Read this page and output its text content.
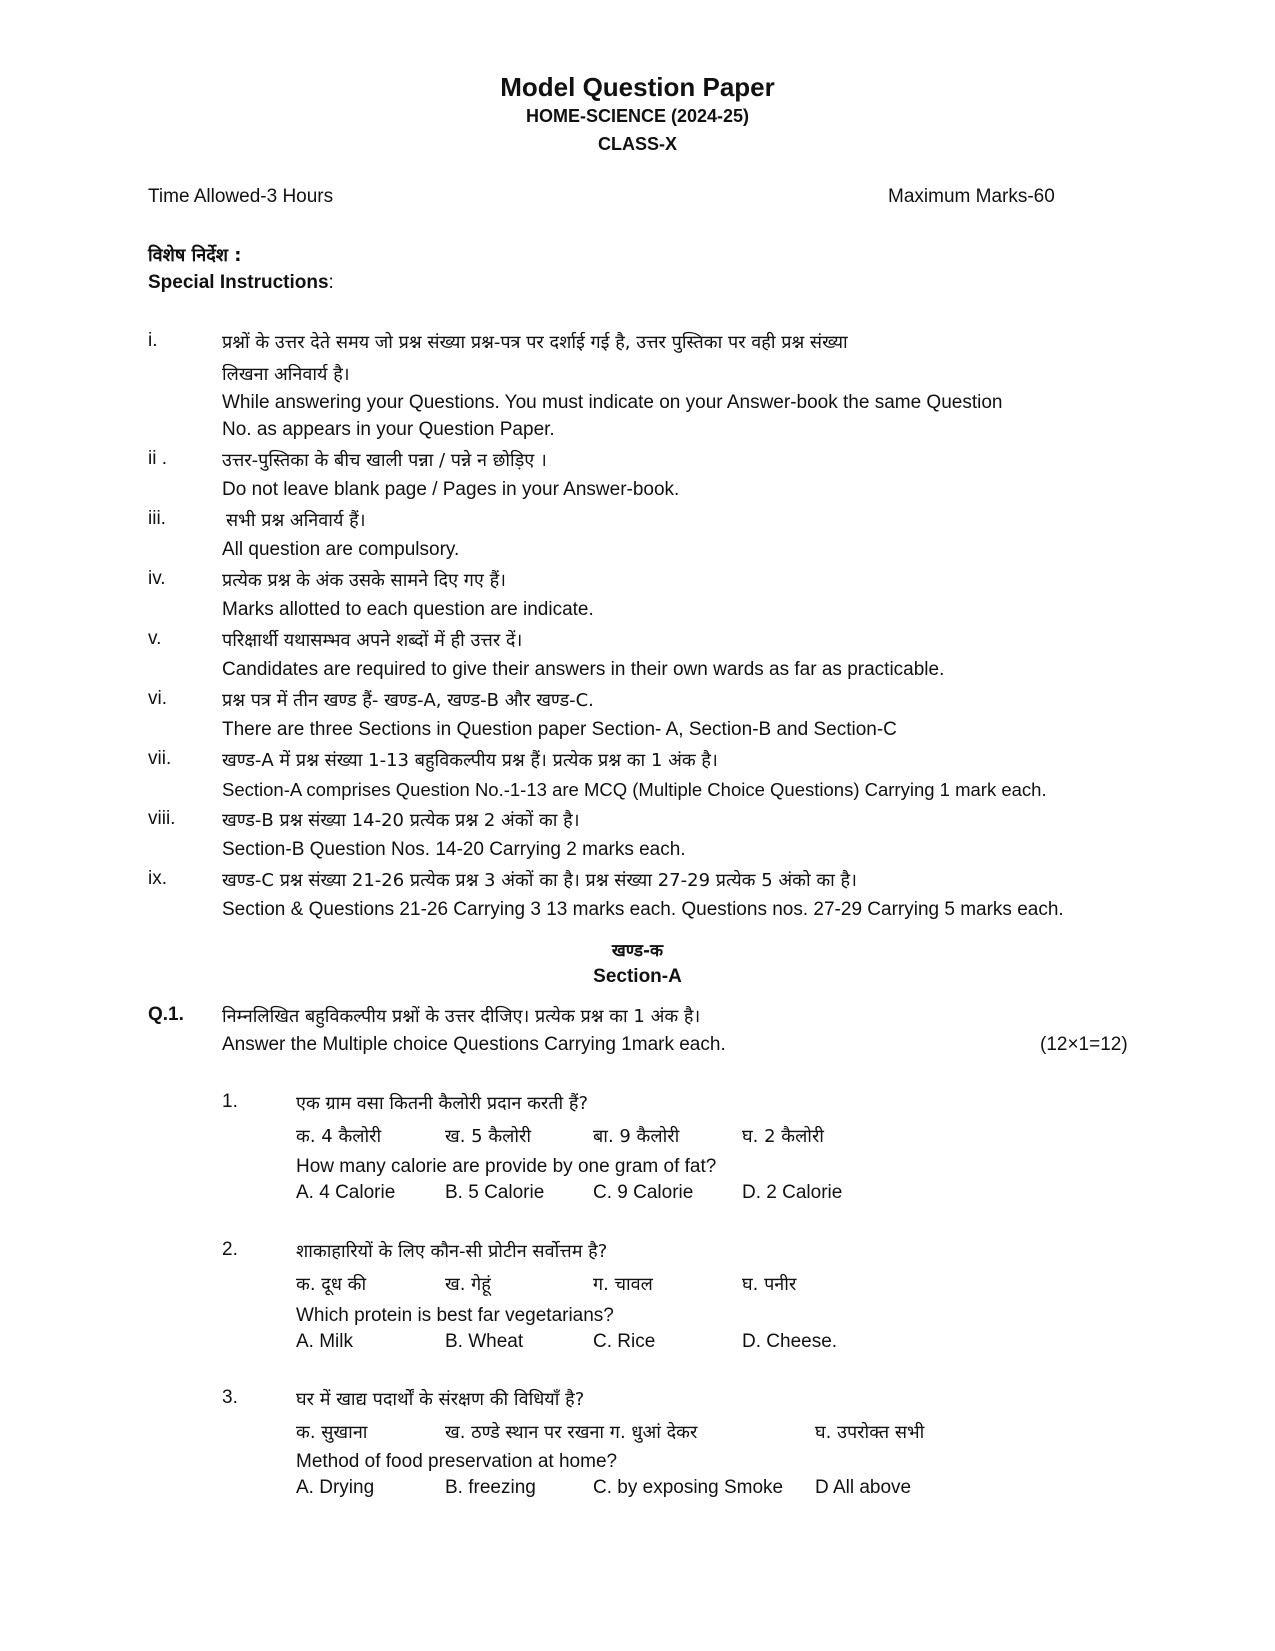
Model Question Paper
HOME-SCIENCE (2024-25)
CLASS-X
Time Allowed-3 Hours	Maximum Marks-60
विशेष निर्देश :
Special Instructions:
i.	प्रश्नों के उत्तर देते समय जो प्रश्न संख्या प्रश्न-पत्र पर दर्शाई गई है, उत्तर पुस्तिका पर वही प्रश्न संख्या
लिखना अनिवार्य है।
While answering your Questions. You must indicate on your Answer-book the same Question
No. as appears in your Question Paper.
ii .	उत्तर-पुस्तिका के बीच खाली पन्ना / पन्ने न छोड़िए ।
Do not leave blank page / Pages in your Answer-book.
iii.	सभी प्रश्न अनिवार्य हैं।
All question are compulsory.
iv.	प्रत्येक प्रश्न के अंक उसके सामने दिए गए हैं।
Marks allotted to each question are indicate.
v.	परिक्षार्थी यथासम्भव अपने शब्दों में ही उत्तर दें।
Candidates are required to give their answers in their own wards as far as practicable.
vi.	प्रश्न पत्र में तीन खण्ड हैं- खण्ड-A, खण्ड-B और खण्ड-C.
There are three Sections in Question paper Section- A, Section-B and Section-C
vii.	खण्ड-A में प्रश्न संख्या 1-13 बहुविकल्पीय प्रश्न हैं। प्रत्येक प्रश्न का 1 अंक है।
Section-A comprises Question No.-1-13 are MCQ (Multiple Choice Questions) Carrying 1 mark each.
viii.	खण्ड-B प्रश्न संख्या 14-20 प्रत्येक प्रश्न 2 अंकों का है।
Section-B Question Nos. 14-20 Carrying 2 marks each.
ix.	खण्ड-C प्रश्न संख्या 21-26 प्रत्येक प्रश्न 3 अंकों का है। प्रश्न संख्या 27-29 प्रत्येक 5 अंको का है।
Section & Questions 21-26 Carrying 3 13 marks each. Questions nos. 27-29 Carrying 5 marks each.
खण्ड-क
Section-A
Q.1. निम्नलिखित बहुविकल्पीय प्रश्नों के उत्तर दीजिए। प्रत्येक प्रश्न का 1 अंक है।
Answer the Multiple choice Questions Carrying 1mark each.	(12×1=12)
1.	एक ग्राम वसा कितनी कैलोरी प्रदान करती हैं?
क. 4 कैलोरी	ख. 5 कैलोरी	बा. 9 कैलोरी	घ. 2 कैलोरी
How many calorie are provide by one gram of fat?
A. 4 Calorie	B. 5 Calorie	C. 9 Calorie	D. 2 Calorie
2.	शाकाहारियों के लिए कौन-सी प्रोटीन सर्वोत्तम है?
क. दूध की	ख. गेहूं	ग. चावल	घ. पनीर
Which protein is best far vegetarians?
A. Milk	B. Wheat	C. Rice	D. Cheese.
3.	घर में खाद्य पदार्थों के संरक्षण की विधियाँ है?
क. सुखाना	ख. ठण्डे स्थान पर रखना ग. धुआं देकर	घ. उपरोक्त सभी
Method of food preservation at home?
A. Drying	B. freezing	C. by exposing Smoke D All above
